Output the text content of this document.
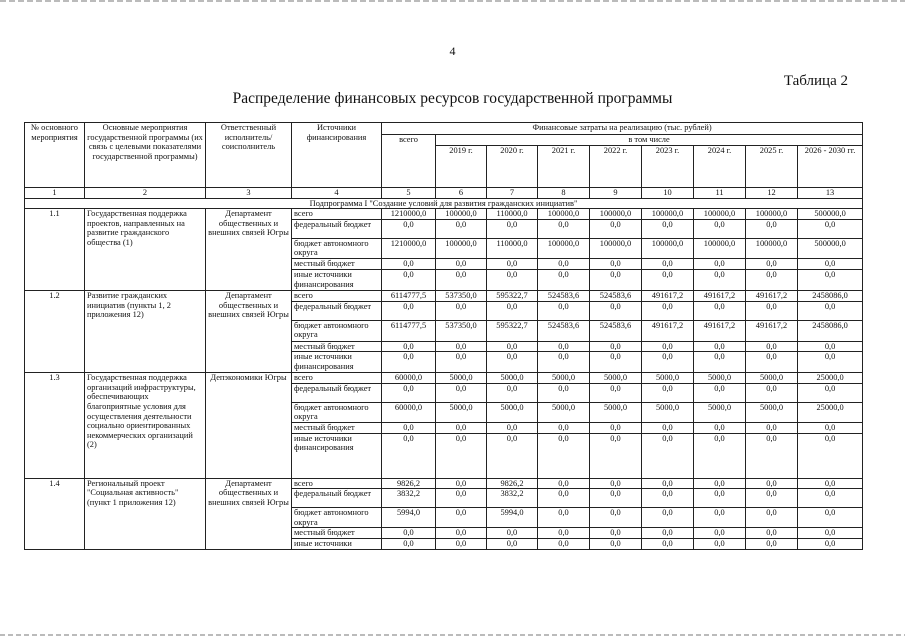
4
Таблица 2
Распределение финансовых ресурсов государственной программы
№ основного мероприятия	Основные мероприятия государственной программы (их связь с целевыми показателями государственной программы)	Ответственный исполнитель/ соисполнитель	Источники финансирования	Финансовые затраты на реализацию (тыс. рублей)								
				всего	в том числе							
					2019 г.	2020 г.	2021 г.	2022 г.	2023 г.	2024 г.	2025 г.	2026 - 2030 гг.
1	2	3	4	5	6	7	8	9	10	11	12	13
Подпрограмма I "Создание условий для развития гражданских инициатив"												
1.1	Государственная поддержка проектов, направленных на развитие гражданского общества (1)	Департамент общественных и внешних связей Югры	всего	1210000,0	100000,0	110000,0	100000,0	100000,0	100000,0	100000,0	100000,0	500000,0
			федеральный бюджет	0,0	0,0	0,0	0,0	0,0	0,0	0,0	0,0	0,0
			бюджет автономного округа	1210000,0	100000,0	110000,0	100000,0	100000,0	100000,0	100000,0	100000,0	500000,0
			местный бюджет	0,0	0,0	0,0	0,0	0,0	0,0	0,0	0,0	0,0
			иные источники финансирования	0,0	0,0	0,0	0,0	0,0	0,0	0,0	0,0	0,0
1.2	Развитие гражданских инициатив (пункты 1, 2 приложения 12)	Департамент общественных и внешних связей Югры	всего	6114777,5	537350,0	595322,7	524583,6	524583,6	491617,2	491617,2	491617,2	2458086,0
			федеральный бюджет	0,0	0,0	0,0	0,0	0,0	0,0	0,0	0,0	0,0
			бюджет автономного округа	6114777,5	537350,0	595322,7	524583,6	524583,6	491617,2	491617,2	491617,2	2458086,0
			местный бюджет	0,0	0,0	0,0	0,0	0,0	0,0	0,0	0,0	0,0
			иные источники финансирования	0,0	0,0	0,0	0,0	0,0	0,0	0,0	0,0	0,0
1.3	Государственная поддержка организаций инфраструктуры, обеспечивающих благоприятные условия для осуществления деятельности социально ориентированных некоммерческих организаций (2)	Депэкономики Югры	всего	60000,0	5000,0	5000,0	5000,0	5000,0	5000,0	5000,0	5000,0	25000,0
			федеральный бюджет	0,0	0,0	0,0	0,0	0,0	0,0	0,0	0,0	0,0
			бюджет автономного округа	60000,0	5000,0	5000,0	5000,0	5000,0	5000,0	5000,0	5000,0	25000,0
			местный бюджет	0,0	0,0	0,0	0,0	0,0	0,0	0,0	0,0	0,0
			иные источники финансирования	0,0	0,0	0,0	0,0	0,0	0,0	0,0	0,0	0,0
1.4	Региональный проект "Социальная активность" (пункт 1 приложения 12)	Департамент общественных и внешних связей Югры	всего	9826,2	0,0	9826,2	0,0	0,0	0,0	0,0	0,0	0,0
			федеральный бюджет	3832,2	0,0	3832,2	0,0	0,0	0,0	0,0	0,0	0,0
			бюджет автономного округа	5994,0	0,0	5994,0	0,0	0,0	0,0	0,0	0,0	0,0
			местный бюджет	0,0	0,0	0,0	0,0	0,0	0,0	0,0	0,0	0,0
			иные источники	0,0	0,0	0,0	0,0	0,0	0,0	0,0	0,0	0,0
